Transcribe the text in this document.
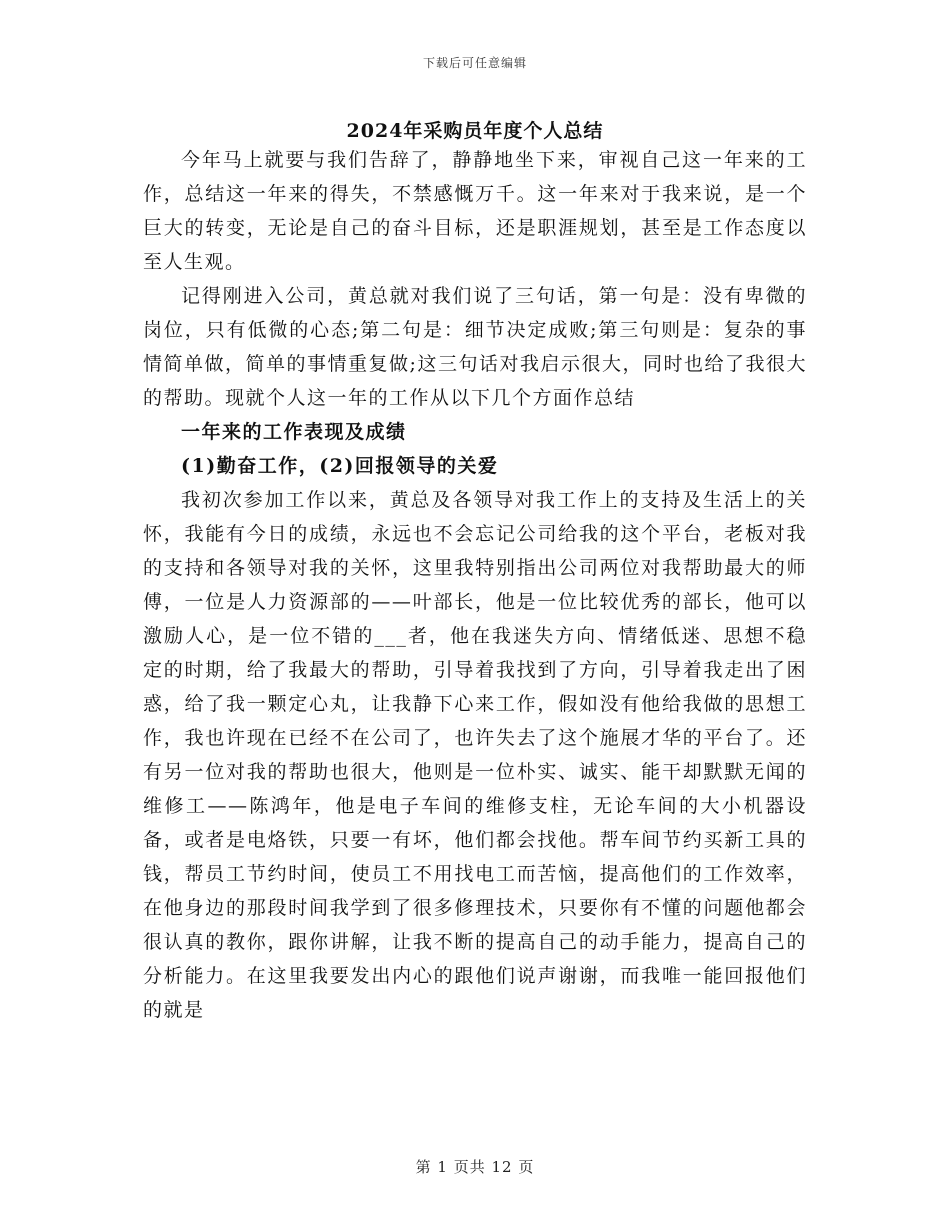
下载后可任意编辑
2024年采购员年度个人总结

今年马上就要与我们告辞了，静静地坐下来，审视自己这一年来的工作，总结这一年来的得失，不禁感慨万千。这一年来对于我来说，是一个巨大的转变，无论是自己的奋斗目标，还是职涯规划，甚至是工作态度以至人生观。

记得刚进入公司，黄总就对我们说了三句话，第一句是：没有卑微的岗位，只有低微的心态;第二句是：细节决定成败;第三句则是：复杂的事情简单做，简单的事情重复做;这三句话对我启示很大，同时也给了我很大的帮助。现就个人这一年的工作从以下几个方面作总结

一年来的工作表现及成绩
(1)勤奋工作，(2)回报领导的关爱

我初次参加工作以来，黄总及各领导对我工作上的支持及生活上的关怀，我能有今日的成绩，永远也不会忘记公司给我的这个平台，老板对我的支持和各领导对我的关怀，这里我特别指出公司两位对我帮助最大的师傅，一位是人力资源部的——叶部长，他是一位比较优秀的部长，他可以激励人心，是一位不错的___者，他在我迷失方向、情绪低迷、思想不稳定的时期，给了我最大的帮助，引导着我找到了方向，引导着我走出了困惑，给了我一颗定心丸，让我静下心来工作，假如没有他给我做的思想工作，我也许现在已经不在公司了，也许失去了这个施展才华的平台了。还有另一位对我的帮助也很大，他则是一位朴实、诚实、能干却默默无闻的维修工——陈鸿年，他是电子车间的维修支柱，无论车间的大小机器设备，或者是电烙铁，只要一有坏，他们都会找他。帮车间节约买新工具的钱，帮员工节约时间，使员工不用找电工而苦恼，提高他们的工作效率，在他身边的那段时间我学到了很多修理技术，只要你有不懂的问题他都会很认真的教你，跟你讲解，让我不断的提高自己的动手能力，提高自己的分析能力。在这里我要发出内心的跟他们说声谢谢，而我唯一能回报他们的就是

第 1 页共 12 页
